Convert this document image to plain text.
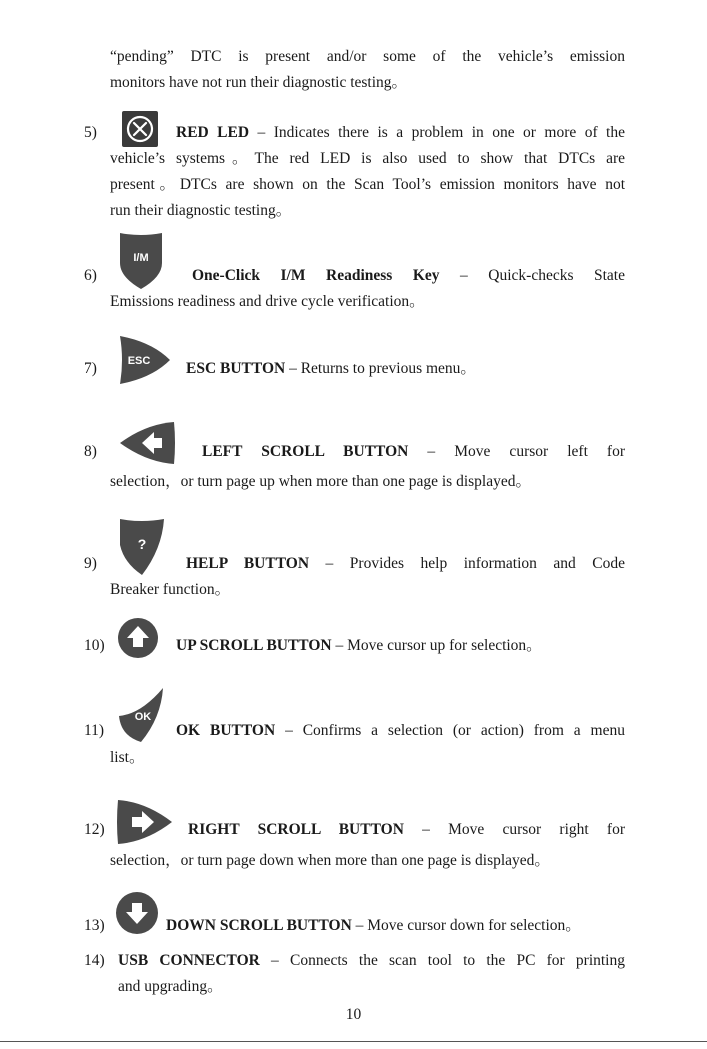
“pending” DTC is present and/or some of the vehicle’s emission
monitors have not run their diagnostic testing。
5)	RED LED – Indicates there is a problem in one or more of the
vehicle’s systems。The red LED is also used to show that DTCs are
present。DTCs are shown on the Scan Tool’s emission monitors have not
run their diagnostic testing。
6)
I/M
One-Click I/M Readiness Key – Quick-checks State
Emissions readiness and drive cycle verification。
7)	ESC ESC BUTTON – Returns to previous menu。
8)	LEFT SCROLL BUTTON – Move cursor left for
selection，or turn page up when more than one page is displayed。
9)
?
HELP BUTTON – Provides help information and Code
Breaker function。
10)	UP SCROLL BUTTON – Move cursor up for selection。
11)
OK
OK BUTTON – Confirms a selection (or action) from a menu
list。
12)	RIGHT SCROLL BUTTON – Move cursor right for
selection，or turn page down when more than one page is displayed。
13)	DOWN SCROLL BUTTON – Move cursor down for selection。
14) USB CONNECTOR – Connects the scan tool to the PC for printing
and upgrading。
10
